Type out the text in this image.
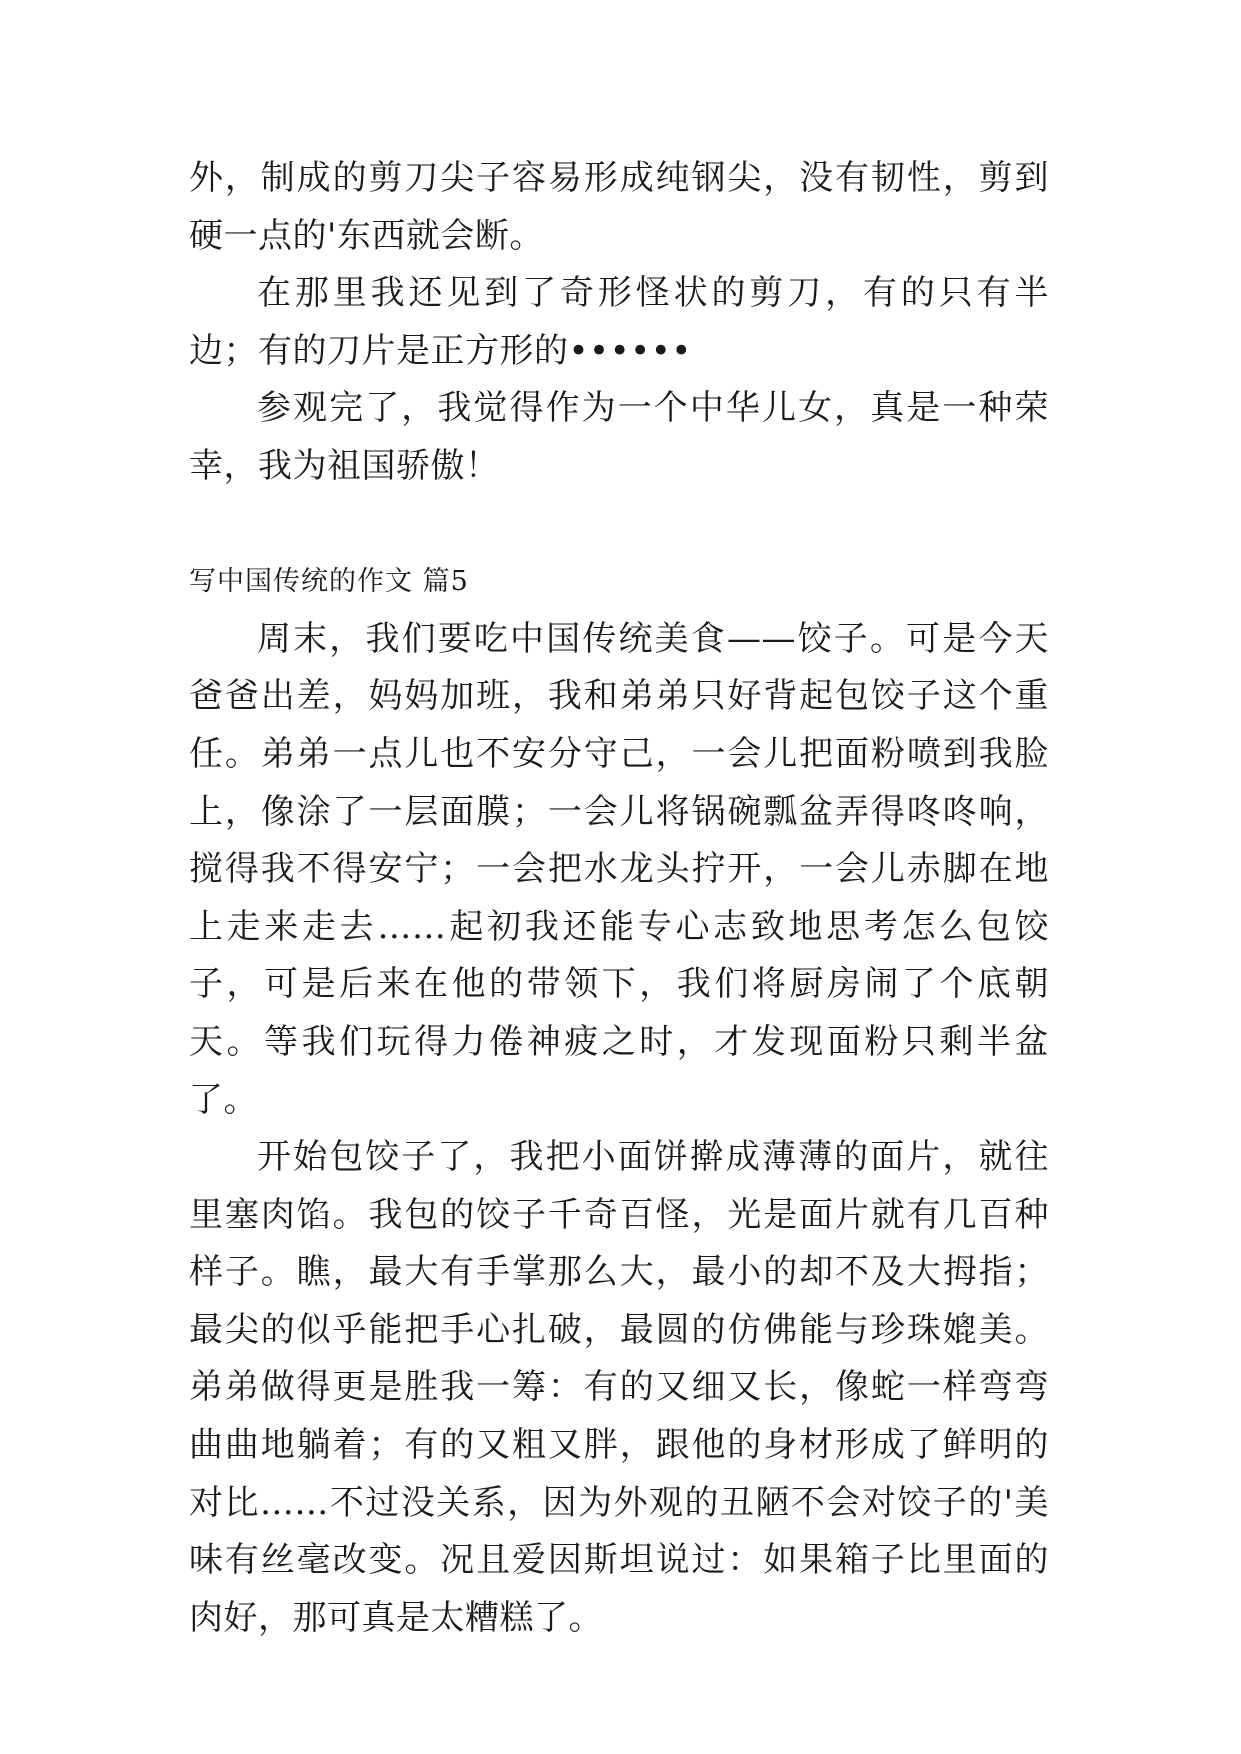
外，制成的剪刀尖子容易形成纯钢尖，没有韧性，剪到硬一点的'东西就会断。

在那里我还见到了奇形怪状的剪刀，有的只有半边；有的刀片是正方形的••••••

参观完了，我觉得作为一个中华儿女，真是一种荣幸，我为祖国骄傲！

写中国传统的作文 篇5

周末，我们要吃中国传统美食——饺子。可是今天爸爸出差，妈妈加班，我和弟弟只好背起包饺子这个重任。弟弟一点儿也不安分守己，一会儿把面粉喷到我脸上，像涂了一层面膜；一会儿将锅碗瓢盆弄得咚咚响，搅得我不得安宁；一会把水龙头拧开，一会儿赤脚在地上走来走去……起初我还能专心志致地思考怎么包饺子，可是后来在他的带领下，我们将厨房闹了个底朝天。等我们玩得力倦神疲之时，才发现面粉只剩半盆了。

开始包饺子了，我把小面饼擀成薄薄的面片，就往里塞肉馅。我包的饺子千奇百怪，光是面片就有几百种样子。瞧，最大有手掌那么大，最小的却不及大拇指；最尖的似乎能把手心扎破，最圆的仿佛能与珍珠媲美。弟弟做得更是胜我一筹：有的又细又长，像蛇一样弯弯曲曲地躺着；有的又粗又胖，跟他的身材形成了鲜明的对比……不过没关系，因为外观的丑陋不会对饺子的'美味有丝毫改变。况且爱因斯坦说过：如果箱子比里面的肉好，那可真是太糟糕了。
